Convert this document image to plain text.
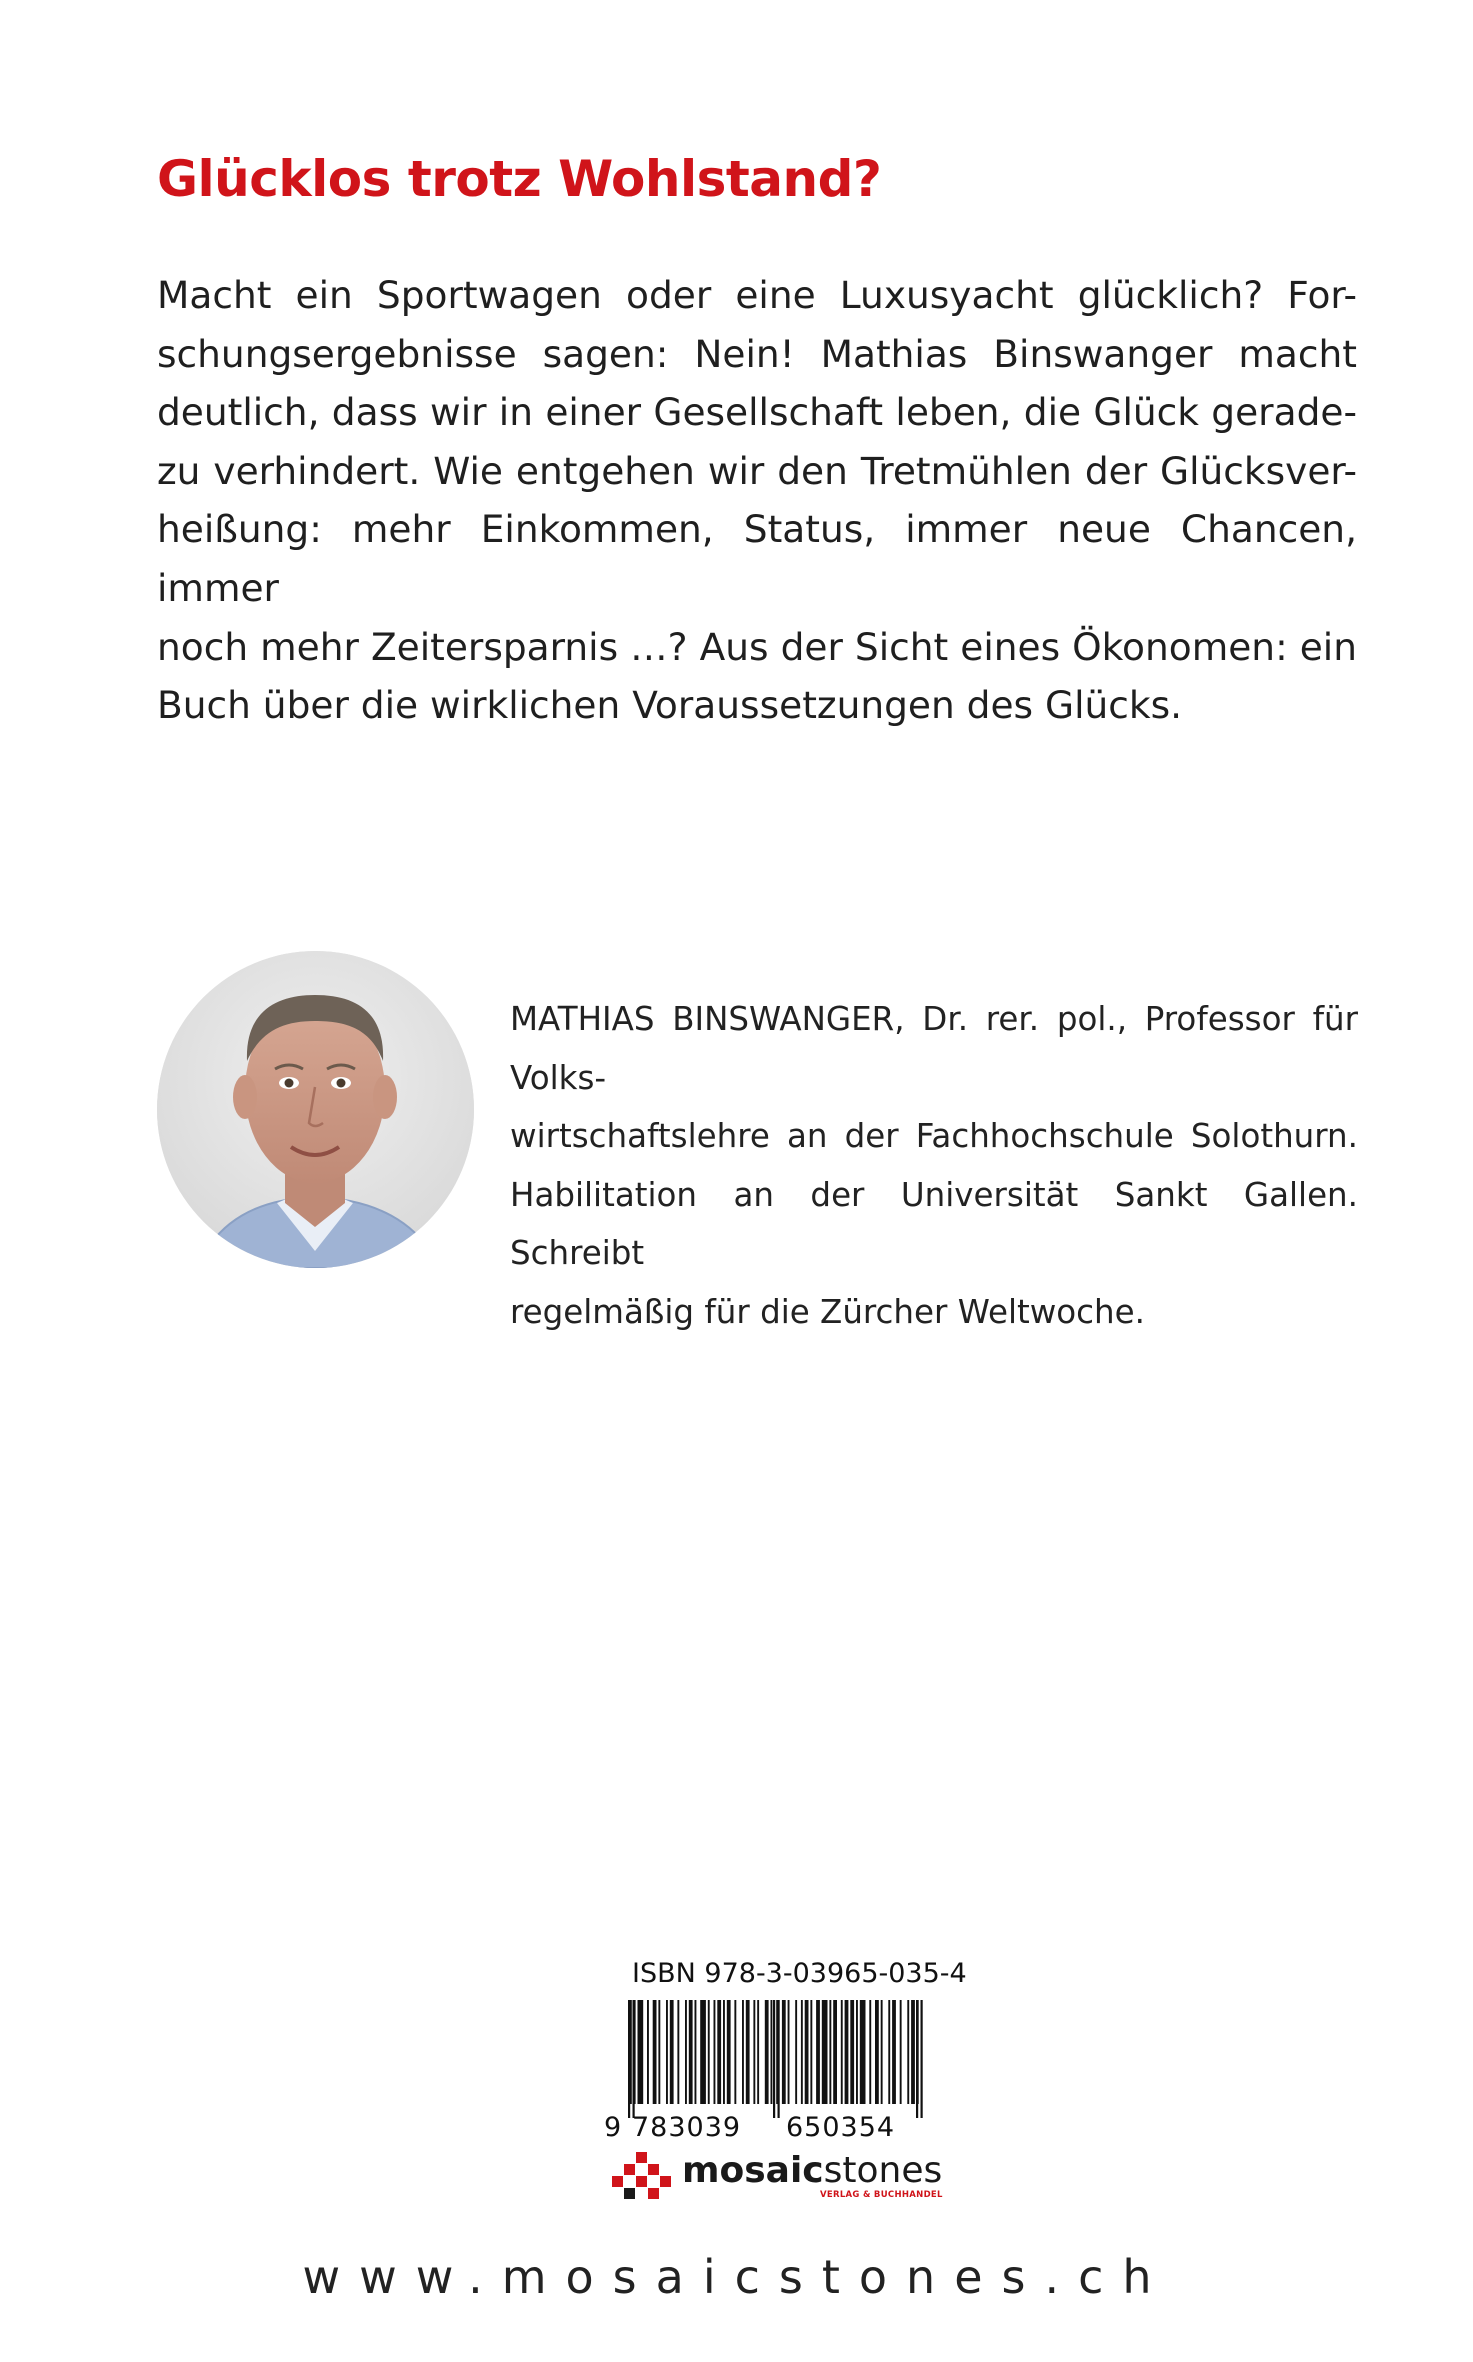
Glücklos trotz Wohlstand?
Macht ein Sportwagen oder eine Luxusyacht glücklich? For-
schungsergebnisse sagen: Nein! Mathias Binswanger macht
deutlich, dass wir in einer Gesellschaft leben, die Glück gerade-
zu verhindert. Wie entgehen wir den Tretmühlen der Glücksver-
heißung: mehr Einkommen, Status, immer neue Chancen, immer
noch mehr Zeitersparnis …? Aus der Sicht eines Ökonomen: ein
Buch über die wirklichen Voraussetzungen des Glücks.
MATHIAS BINSWANGER, Dr. rer. pol., Professor für Volks-
wirtschaftslehre an der Fachhochschule Solothurn.
Habilitation an der Universität Sankt Gallen. Schreibt
regelmäßig für die Zürcher Weltwoche.
ISBN 978-3-03965-035-4
9 783039 650354
mosaicstones
VERLAG & BUCHHANDEL
www.mosaicstones.ch
